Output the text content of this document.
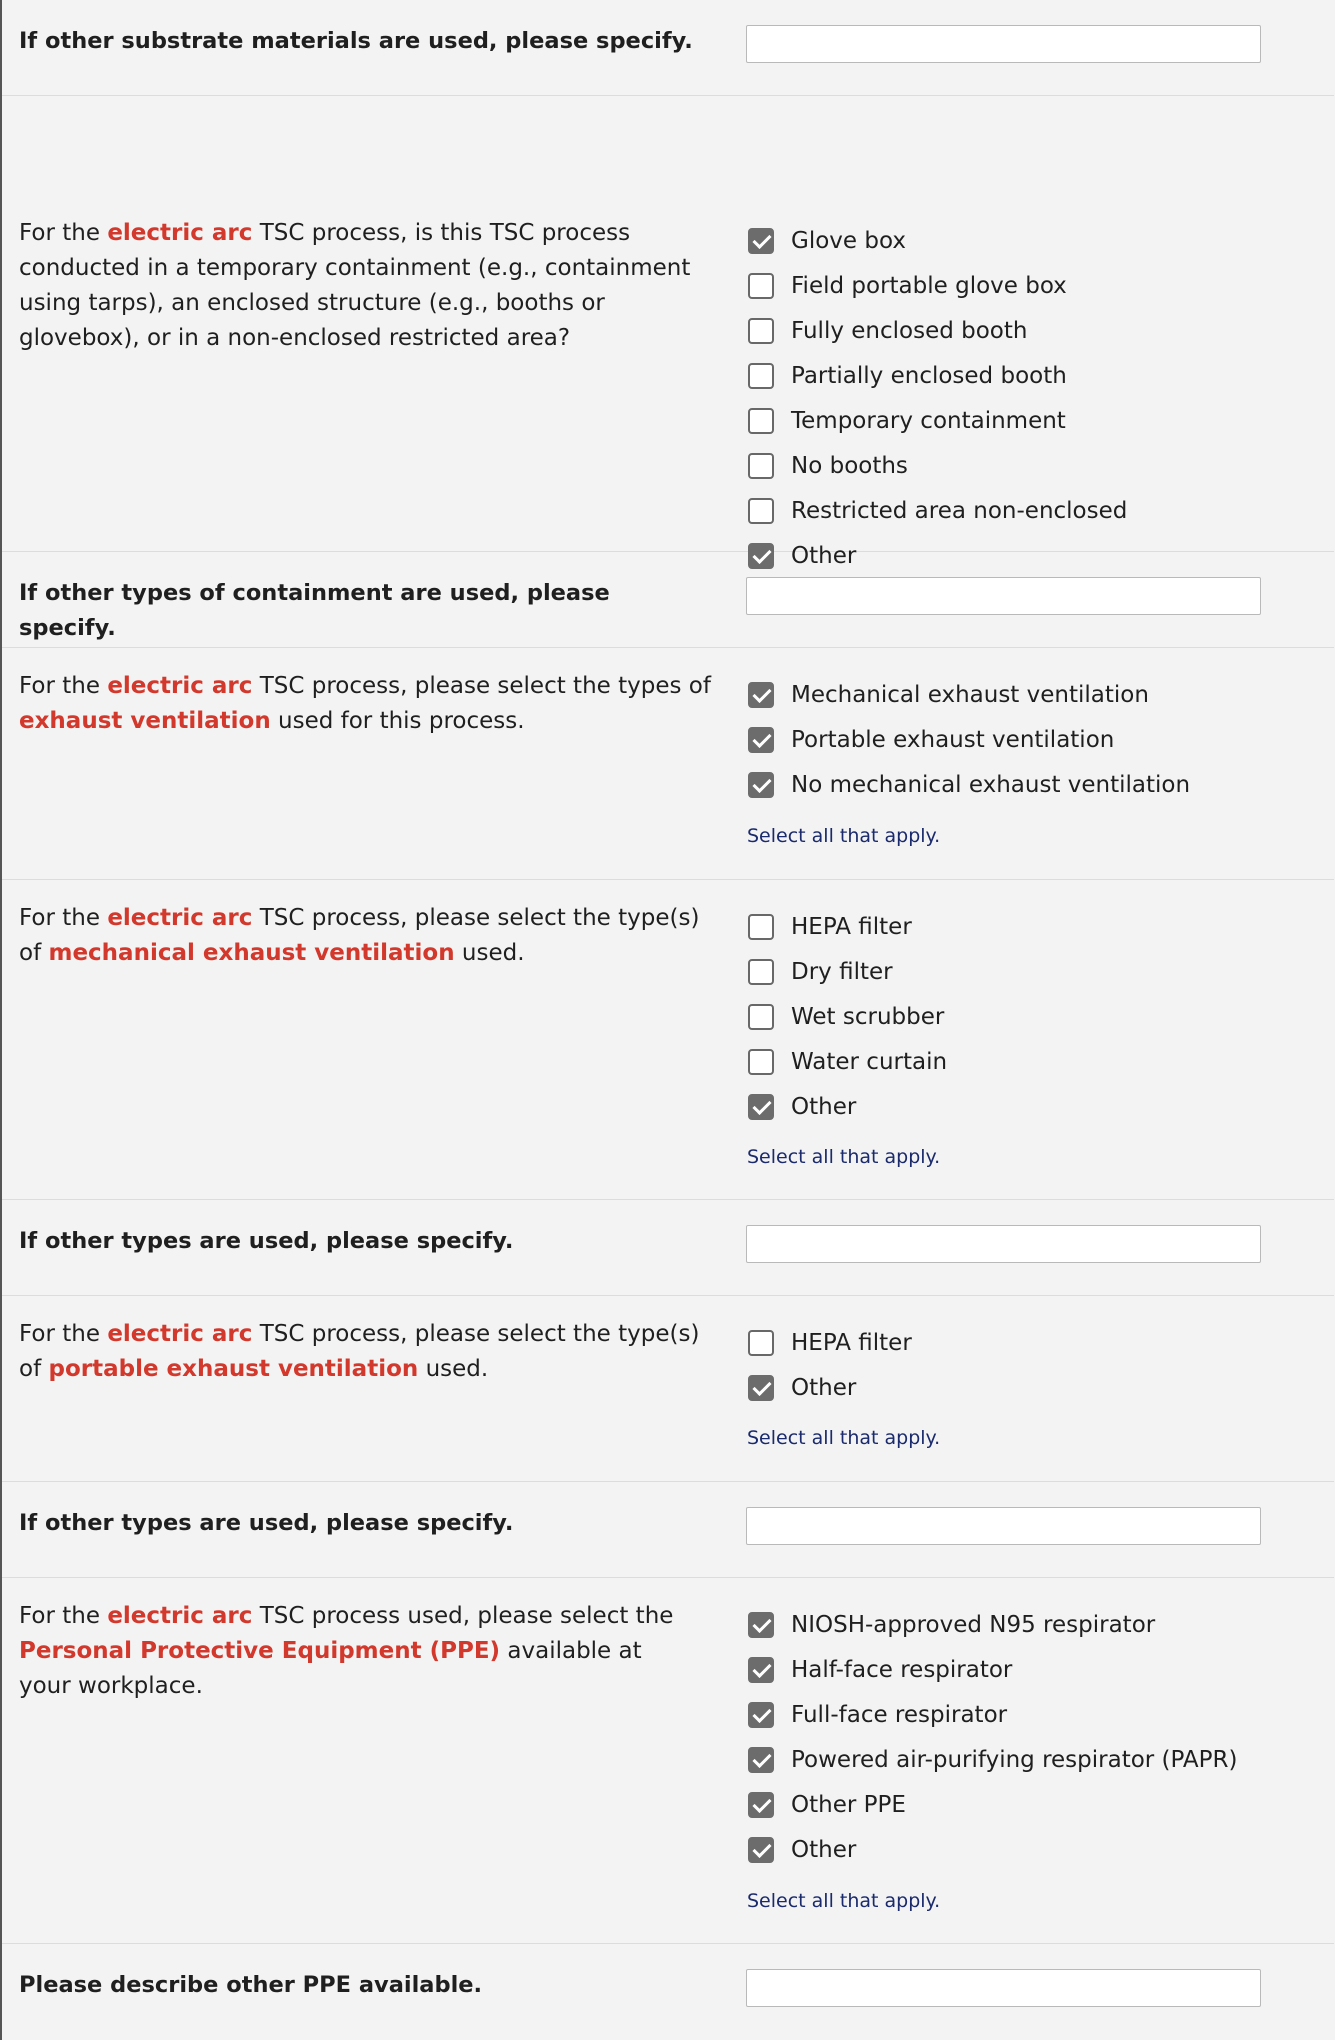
If other substrate materials are used, please specify.
For the electric arc TSC process, is this TSC process conducted in a temporary containment (e.g., containment using tarps), an enclosed structure (e.g., booths or glovebox), or in a non-enclosed restricted area?
Glove box
Field portable glove box
Fully enclosed booth
Partially enclosed booth
Temporary containment
No booths
Restricted area non-enclosed
Other
If other types of containment are used, please specify.
For the electric arc TSC process, please select the types of exhaust ventilation used for this process.
Mechanical exhaust ventilation
Portable exhaust ventilation
No mechanical exhaust ventilation
Select all that apply.
For the electric arc TSC process, please select the type(s) of mechanical exhaust ventilation used.
HEPA filter
Dry filter
Wet scrubber
Water curtain
Other
Select all that apply.
If other types are used, please specify.
For the electric arc TSC process, please select the type(s) of portable exhaust ventilation used.
HEPA filter
Other
Select all that apply.
If other types are used, please specify.
For the electric arc TSC process used, please select the Personal Protective Equipment (PPE) available at your workplace.
NIOSH-approved N95 respirator
Half-face respirator
Full-face respirator
Powered air-purifying respirator (PAPR)
Other PPE
Other
Select all that apply.
Please describe other PPE available.
